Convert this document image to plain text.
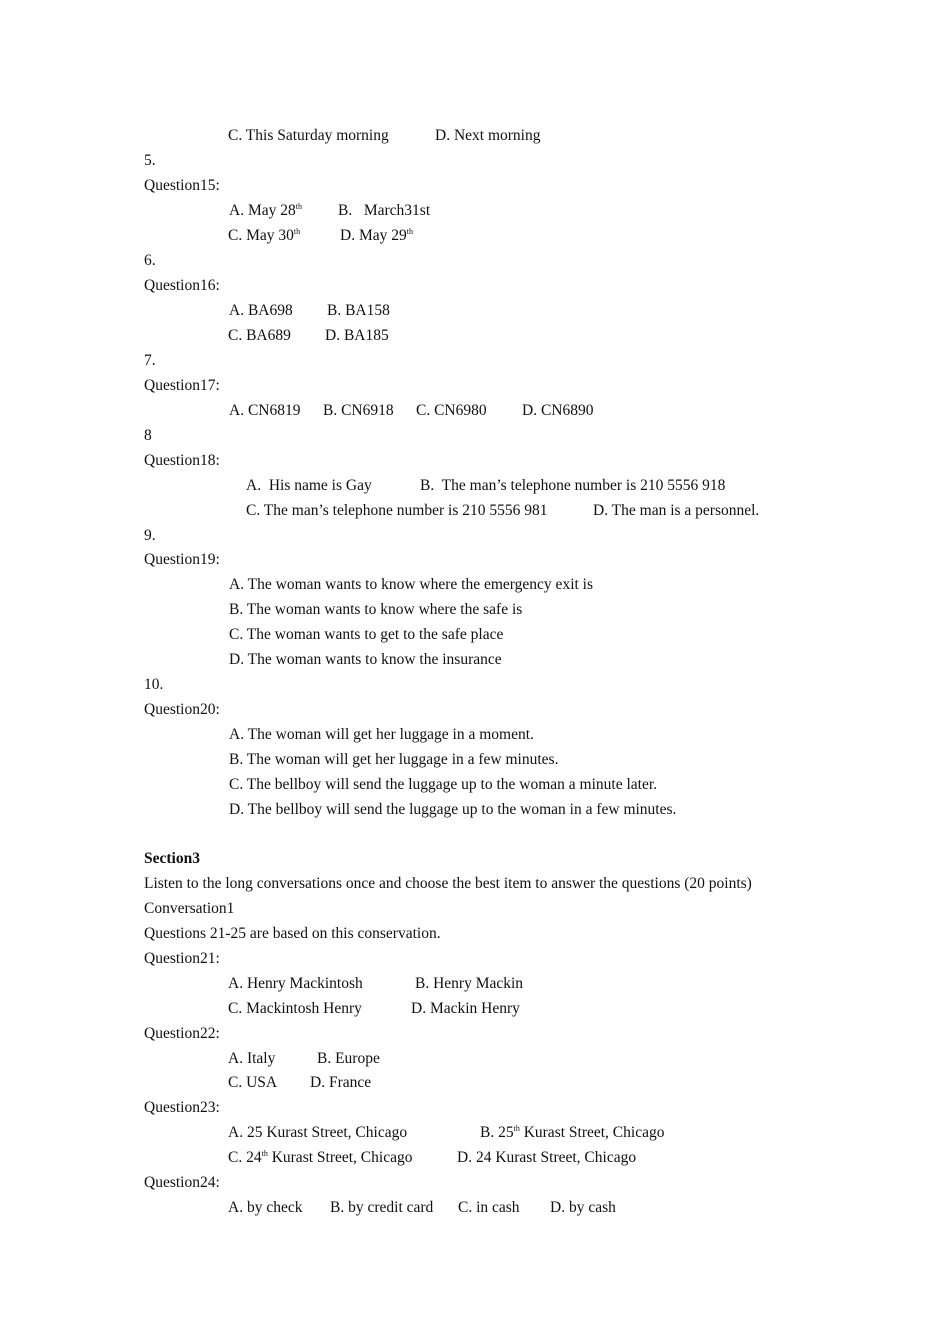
C. This Saturday morning	D. Next morning
5.
Question15:
A. May 28th B.   March31st
C. May 30th	D. May 29th
6.
Question16:
A. BA698 B. BA158
C. BA689 D. BA185
7.
Question17:
A. CN6819 B. CN6918 C. CN6980 D. CN6890
8
Question18:
A.  His name is Gay	B.  The man’s telephone number is 210 5556 918
C. The man’s telephone number is 210 5556 981	D. The man is a personnel.
9.
Question19:
A. The woman wants to know where the emergency exit is
B. The woman wants to know where the safe is
C. The woman wants to get to the safe place
D. The woman wants to know the insurance
10.
Question20:
A. The woman will get her luggage in a moment.
B. The woman will get her luggage in a few minutes.
C. The bellboy will send the luggage up to the woman a minute later.
D. The bellboy will send the luggage up to the woman in a few minutes.
Section3
Listen to the long conversations once and choose the best item to answer the questions (20 points)
Conversation1
Questions 21-25 are based on this conservation.
Question21:
A. Henry Mackintosh	B. Henry Mackin
C. Mackintosh Henry	D. Mackin Henry
Question22:
A. Italy	B. Europe
C. USA D. France
Question23:
A. 25 Kurast Street, Chicago	B. 25th Kurast Street, Chicago
C. 24th Kurast Street, Chicago	D. 24 Kurast Street, Chicago
Question24:
A. by check B. by credit card C. in cash D. by cash
